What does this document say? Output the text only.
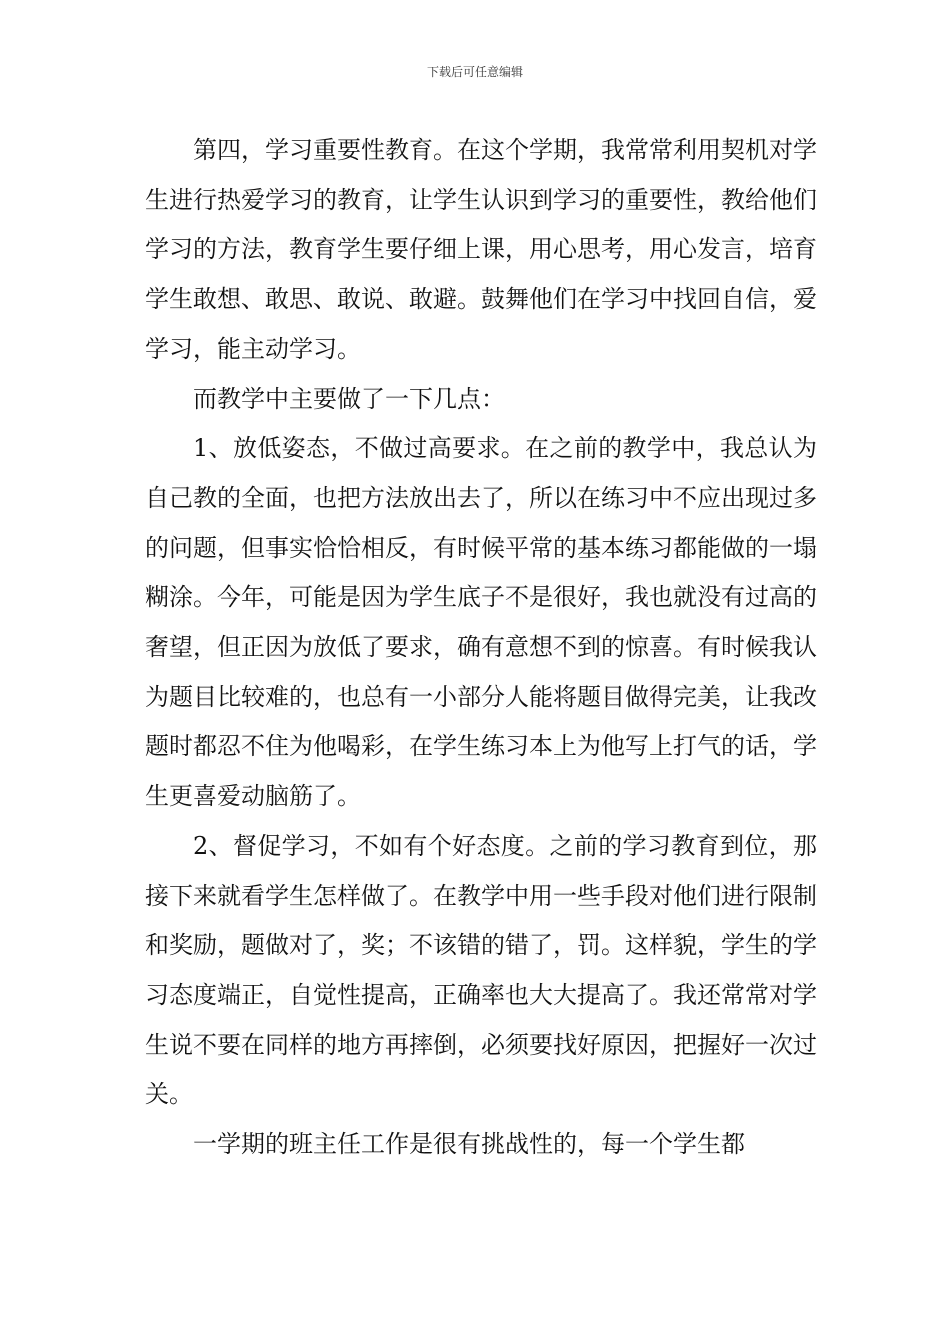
下载后可任意编辑

第四，学习重要性教育。在这个学期，我常常利用契机对学生进行热爱学习的教育，让学生认识到学习的重要性，教给他们学习的方法，教育学生要仔细上课，用心思考，用心发言，培育学生敢想、敢思、敢说、敢避。鼓舞他们在学习中找回自信，爱学习，能主动学习。

而教学中主要做了一下几点：

1、放低姿态，不做过高要求。在之前的教学中，我总认为自己教的全面，也把方法放出去了，所以在练习中不应出现过多的问题，但事实恰恰相反，有时候平常的基本练习都能做的一塌糊涂。今年，可能是因为学生底子不是很好，我也就没有过高的奢望，但正因为放低了要求，确有意想不到的惊喜。有时候我认为题目比较难的，也总有一小部分人能将题目做得完美，让我改题时都忍不住为他喝彩，在学生练习本上为他写上打气的话，学生更喜爱动脑筋了。

2、督促学习，不如有个好态度。之前的学习教育到位，那接下来就看学生怎样做了。在教学中用一些手段对他们进行限制和奖励，题做对了，奖；不该错的错了，罚。这样貌，学生的学习态度端正，自觉性提高，正确率也大大提高了。我还常常对学生说不要在同样的地方再摔倒，必须要找好原因，把握好一次过关。

一学期的班主任工作是很有挑战性的，每一个学生都
